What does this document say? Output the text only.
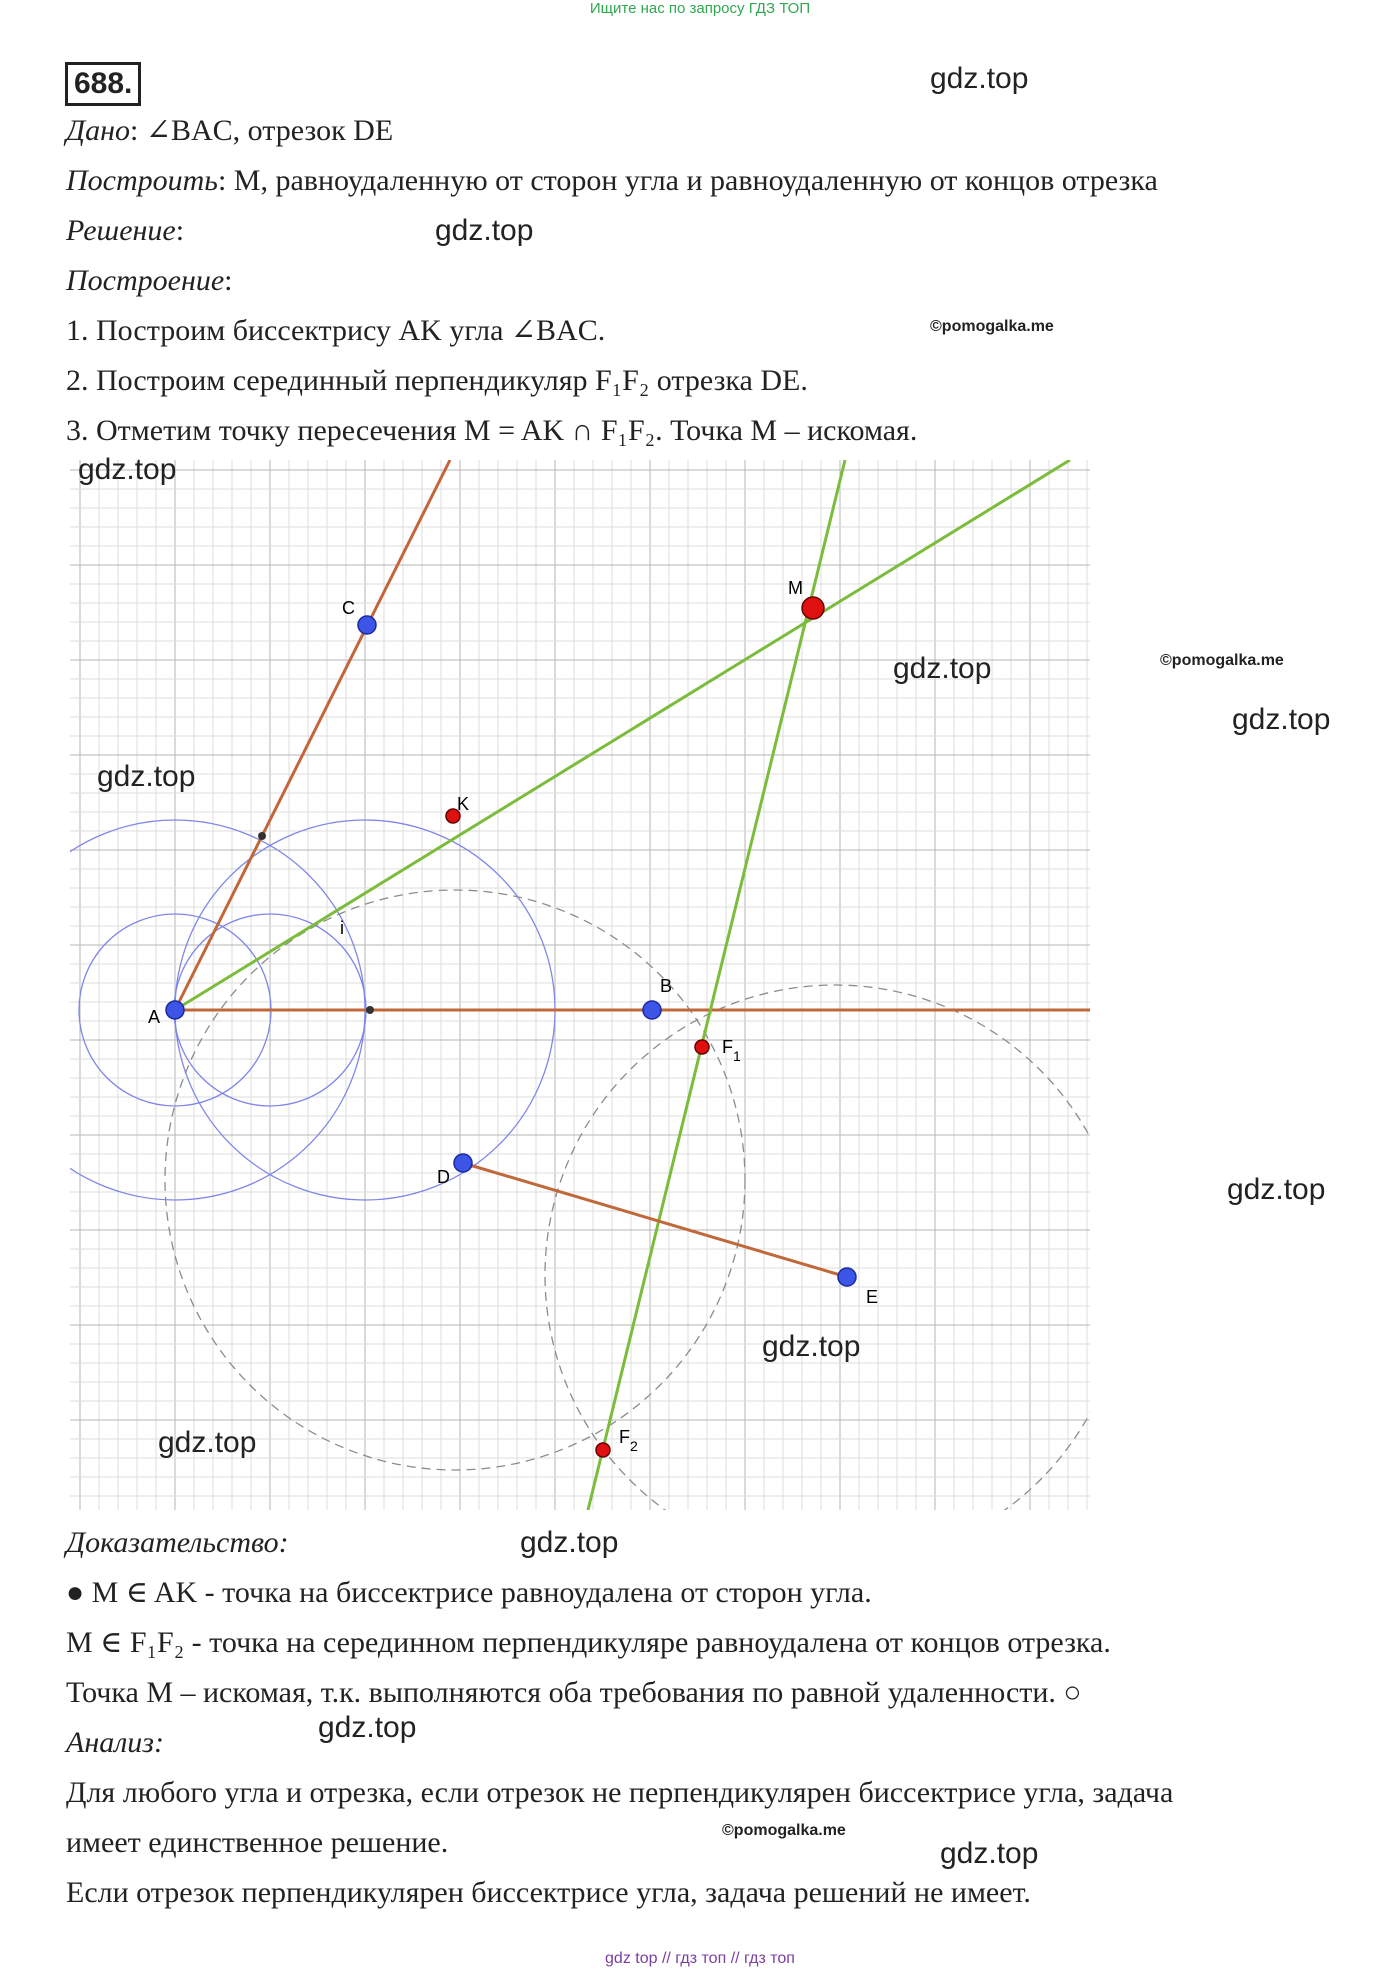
Ищите нас по запросу ГДЗ ТОП
688.	gdz.top
Дано: ∠BAC, отрезок DE
Построить: M, равноудаленную от сторон угла и равноудаленную от концов отрезка
Решение:	gdz.top
Построение:
1. Построим биссектрису AK угла ∠BAC.	©pomogalka.me
2. Построим серединный перпендикуляр F₁F₂ отрезка DE.
3. Отметим точку пересечения M = AK ∩ F₁F₂. Точка M – искомая.
A
B
C
D
E
K
M
i
$F_1$
$F_2$
gdz.top
gdz.top	©pomogalka.me
gdz.top
gdz.top
gdz.top
gdz.top
gdz.top
Доказательство:	gdz.top
● M ∈ AK - точка на биссектрисе равноудалена от сторон угла.
M ∈ F₁F₂ - точка на серединном перпендикуляре равноудалена от концов отрезка.
Точка M – искомая, т.к. выполняются оба требования по равной удаленности. ○
gdz.top
Анализ:
Для любого угла и отрезка, если отрезок не перпендикулярен биссектрисе угла, задача
имеет единственное решение.	©pomogalka.me
gdz.top
Если отрезок перпендикулярен биссектрисе угла, задача решений не имеет.
gdz top // гдз топ // гдз топ
